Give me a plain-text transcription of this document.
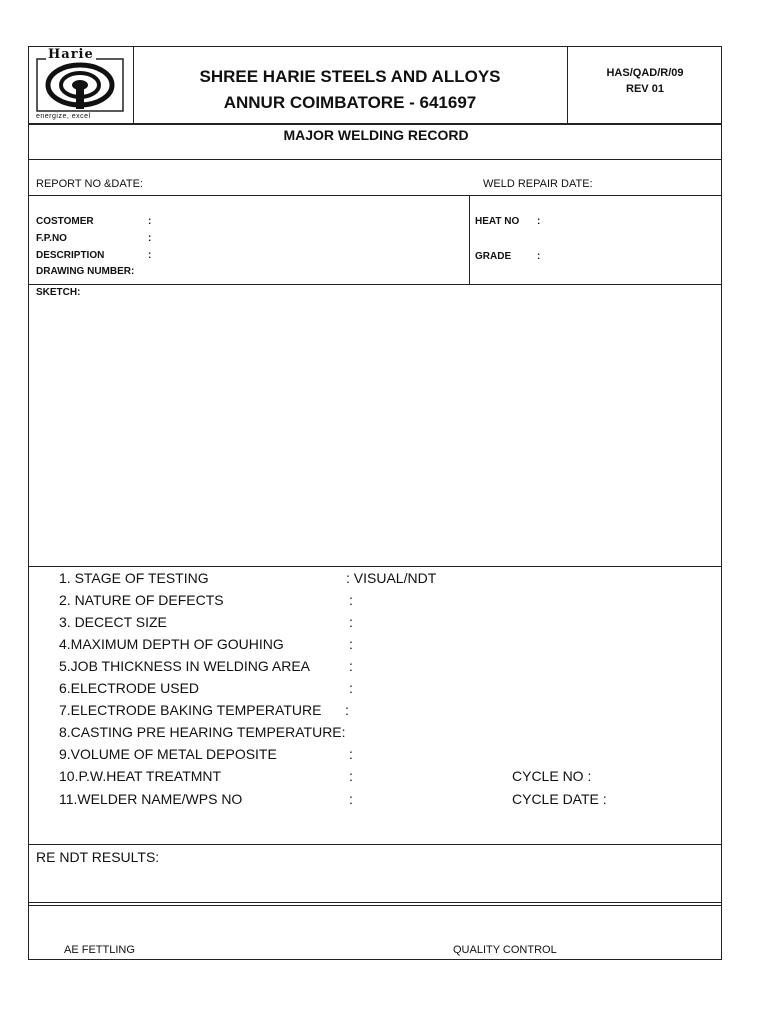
Harie
energize, excel
SHREE HARIE STEELS AND ALLOYS
ANNUR COIMBATORE - 641697
HAS/QAD/R/09
REV 01
MAJOR WELDING RECORD
REPORT NO &DATE:	WELD REPAIR DATE:
COSTOMER	:
F.P.NO	:
DESCRIPTION	:
DRAWING NUMBER:
HEAT NO :
GRADE	:
SKETCH:
1. STAGE OF TESTING	: VISUAL/NDT
2. NATURE OF DEFECTS	:
3. DECECT SIZE	:
4.MAXIMUM DEPTH OF GOUHING	:
5.JOB THICKNESS IN WELDING AREA	:
6.ELECTRODE USED	:
7.ELECTRODE BAKING TEMPERATURE :
8.CASTING PRE HEARING TEMPERATURE:
9.VOLUME OF METAL DEPOSITE	:
10.P.W.HEAT TREATMNT	:	CYCLE NO :
11.WELDER NAME/WPS NO	:	CYCLE DATE :
RE NDT RESULTS:
AE FETTLING	QUALITY CONTROL
